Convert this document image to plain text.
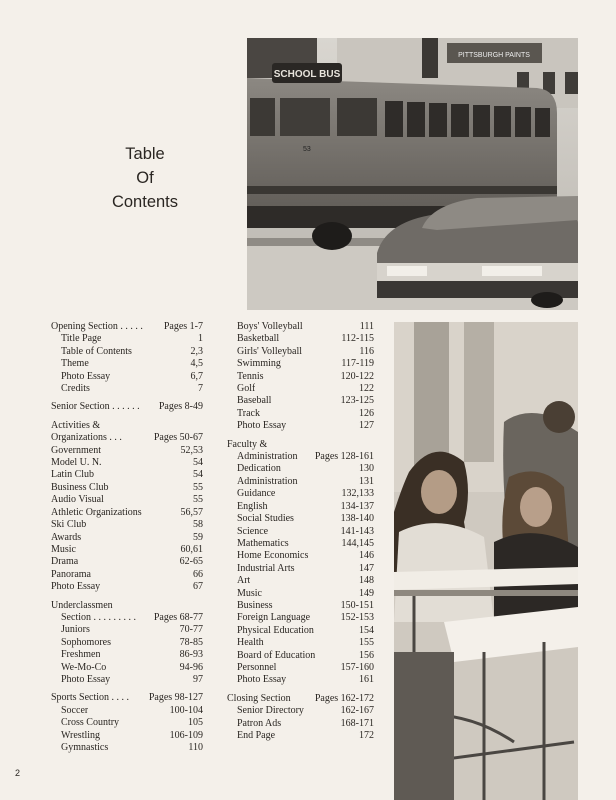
Table
Of
Contents
PITTSBURGH PAINTS
SCHOOL BUS
53
Opening Section . . . . . Pages 1-7
Title Page	1
Table of Contents	2,3
Theme	4,5
Photo Essay	6,7
Credits	7
Senior Section . . . . . . Pages 8-49
Activities &
Organizations . . .	Pages 50-67
Government	52,53
Model U. N.	54
Latin Club	54
Business Club	55
Audio Visual	55
Athletic Organizations	56,57
Ski Club	58
Awards	59
Music	60,61
Drama	62-65
Panorama	66
Photo Essay	67
Underclassmen
Section . . . . . . . . . Pages 68-77
Juniors	70-77
Sophomores	78-85
Freshmen	86-93
We-Mo-Co	94-96
Photo Essay	97
Sports Section . . . . Pages 98-127
Soccer	100-104
Cross Country	105
Wrestling	106-109
Gymnastics	110
Boys' Volleyball	111
Basketball	112-115
Girls' Volleyball	116
Swimming	117-119
Tennis	120-122
Golf	122
Baseball	123-125
Track	126
Photo Essay	127
Faculty &
Administration Pages 128-161
Dedication	130
Administration	131
Guidance	132,133
English	134-137
Social Studies	138-140
Science	141-143
Mathematics	144,145
Home Economics	146
Industrial Arts	147
Art	148
Music	149
Business	150-151
Foreign Language	152-153
Physical Education	154
Health	155
Board of Education	156
Personnel	157-160
Photo Essay	161
Closing Section Pages 162-172
Senior Directory	162-167
Patron Ads	168-171
End Page	172
2
